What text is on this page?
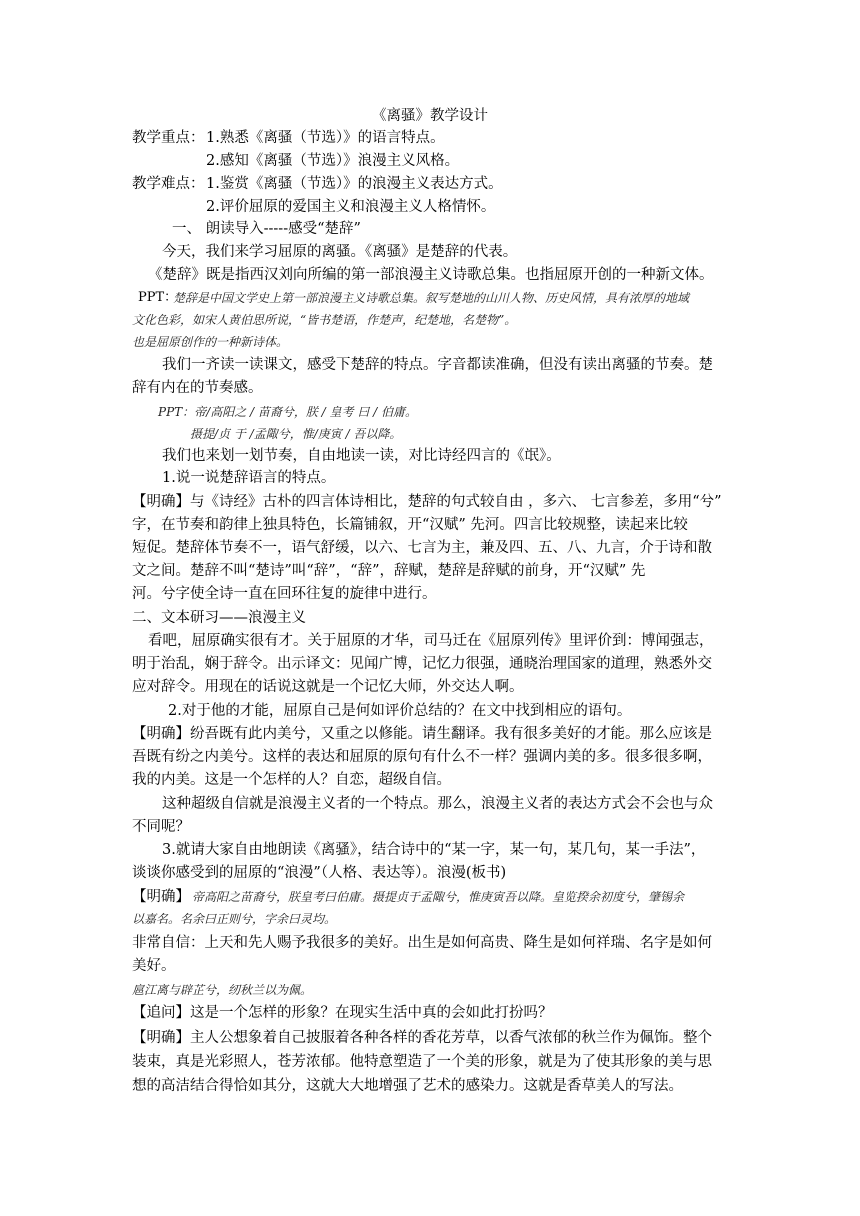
《离骚》教学设计
教学重点： 1.熟悉《离骚（节选）》的语言特点。
2.感知《离骚（节选）》浪漫主义风格。
教学难点： 1.鉴赏《离骚（节选）》的浪漫主义表达方式。
2.评价屈原的爱国主义和浪漫主义人格情怀。
一、 朗读导入-----感受“楚辞”
今天，我们来学习屈原的离骚。《离骚》是楚辞的代表。
《楚辞》既是指西汉刘向所编的第一部浪漫主义诗歌总集。也指屈原开创的一种新文体。
PPT：
楚辞是中国文学史上第一部浪漫主义诗歌总集。叙写楚地的山川人物、历史风情，具有浓厚的地域
文化色彩，如宋人黄伯思所说，“皆书楚语，作楚声，纪楚地，名楚物”。
也是屈原创作的一种新诗体。
我们一齐读一读课文，感受下楚辞的特点。字音都读准确，但没有读出离骚的节奏。楚
辞有内在的节奏感。
PPT：帝/高阳之 / 苗裔兮，朕 / 皇考 曰 / 伯庸。
摄提/贞 于 /孟陬兮，惟/庚寅 / 吾以降。
我们也来划一划节奏，自由地读一读，对比诗经四言的《氓》。
1.说一说楚辞语言的特点。
【明确】与《诗经》古朴的四言体诗相比，楚辞的句式较自由 ，多六、 七言参差，多用“兮”
字，在节奏和韵律上独具特色，长篇铺叙，开“汉赋” 先河。四言比较规整，读起来比较
短促。楚辞体节奏不一，语气舒缓，以六、七言为主，兼及四、五、八、九言，介于诗和散
文之间。楚辞不叫“楚诗”叫“辞”，“辞”，辞赋，楚辞是辞赋的前身，开“汉赋” 先
河。兮字使全诗一直在回环往复的旋律中进行。
二、文本研习——浪漫主义
看吧，屈原确实很有才。关于屈原的才华，司马迁在《屈原列传》里评价到：博闻强志，
明于治乱，娴于辞令。出示译文：见闻广博，记忆力很强，通晓治理国家的道理，熟悉外交
应对辞令。用现在的话说这就是一个记忆大师，外交达人啊。
2.对于他的才能，屈原自己是何如评价总结的？在文中找到相应的语句。
【明确】纷吾既有此内美兮，又重之以修能。请生翻译。我有很多美好的才能。那么应该是
吾既有纷之内美兮。这样的表达和屈原的原句有什么不一样？强调内美的多。很多很多啊，
我的内美。这是一个怎样的人？自恋，超级自信。
这种超级自信就是浪漫主义者的一个特点。那么，浪漫主义者的表达方式会不会也与众
不同呢？
3.就请大家自由地朗读《离骚》，结合诗中的“某一字，某一句，某几句，某一手法”，
谈谈你感受到的屈原的“浪漫”（人格、表达等）。浪漫(板书)
【明确】 帝高阳之苗裔兮，朕皇考曰伯庸。摄提贞于孟陬兮，惟庚寅吾以降。皇览揆余初度兮，肇锡余
以嘉名。名余曰正则兮，字余曰灵均。
非常自信：上天和先人赐予我很多的美好。出生是如何高贵、降生是如何祥瑞、名字是如何
美好。
扈江离与辟芷兮，纫秋兰以为佩。
【追问】这是一个怎样的形象？在现实生活中真的会如此打扮吗？
【明确】主人公想象着自己披服着各种各样的香花芳草，以香气浓郁的秋兰作为佩饰。整个
装束，真是光彩照人，苍芳浓郁。他特意塑造了一个美的形象，就是为了使其形象的美与思
想的高洁结合得恰如其分，这就大大地增强了艺术的感染力。这就是香草美人的写法。
